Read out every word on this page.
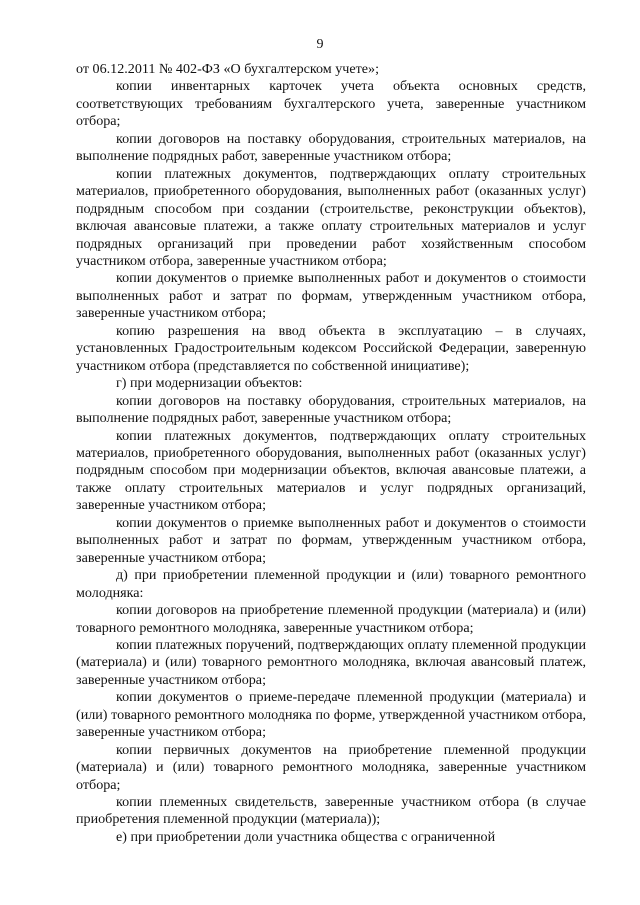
9

от 06.12.2011 № 402-ФЗ «О бухгалтерском учете»;

копии инвентарных карточек учета объекта основных средств, соответствующих требованиям бухгалтерского учета, заверенные участником отбора;

копии договоров на поставку оборудования, строительных материалов, на выполнение подрядных работ, заверенные участником отбора;

копии платежных документов, подтверждающих оплату строительных материалов, приобретенного оборудования, выполненных работ (оказанных услуг) подрядным способом при создании (строительстве, реконструкции объектов), включая авансовые платежи, а также оплату строительных материалов и услуг подрядных организаций при проведении работ хозяйственным способом участником отбора, заверенные участником отбора;

копии документов о приемке выполненных работ и документов о стоимости выполненных работ и затрат по формам, утвержденным участником отбора, заверенные участником отбора;

копию разрешения на ввод объекта в эксплуатацию – в случаях, установленных Градостроительным кодексом Российской Федерации, заверенную участником отбора (представляется по собственной инициативе);

г) при модернизации объектов:

копии договоров на поставку оборудования, строительных материалов, на выполнение подрядных работ, заверенные участником отбора;

копии платежных документов, подтверждающих оплату строительных материалов, приобретенного оборудования, выполненных работ (оказанных услуг) подрядным способом при модернизации объектов, включая авансовые платежи, а также оплату строительных материалов и услуг подрядных организаций, заверенные участником отбора;

копии документов о приемке выполненных работ и документов о стоимости выполненных работ и затрат по формам, утвержденным участником отбора, заверенные участником отбора;

д) при приобретении племенной продукции и (или) товарного ремонтного молодняка:

копии договоров на приобретение племенной продукции (материала) и (или) товарного ремонтного молодняка, заверенные участником отбора;

копии платежных поручений, подтверждающих оплату племенной продукции (материала) и (или) товарного ремонтного молодняка, включая авансовый платеж, заверенные участником отбора;

копии документов о приеме-передаче племенной продукции (материала) и (или) товарного ремонтного молодняка по форме, утвержденной участником отбора, заверенные участником отбора;

копии первичных документов на приобретение племенной продукции (материала) и (или) товарного ремонтного молодняка, заверенные участником отбора;

копии племенных свидетельств, заверенные участником отбора (в случае приобретения племенной продукции (материала));

е) при приобретении доли участника общества с ограниченной
